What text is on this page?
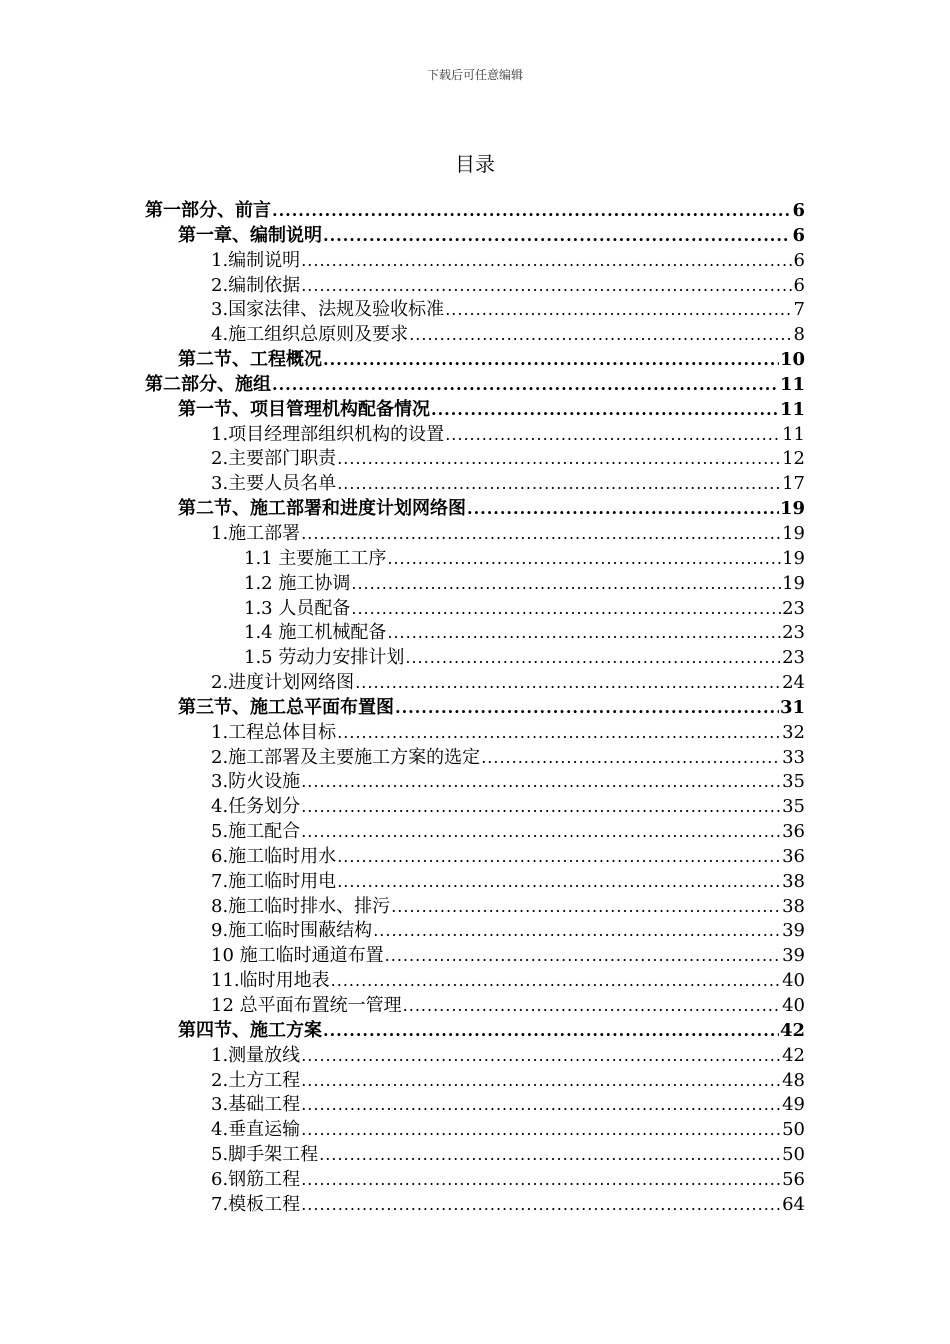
下载后可任意编辑
目录
第一部分、前言 .....	6
第一章、编制说明 .....	6
1.编制说明 .....	6
2.编制依据 .....	6
3.国家法律、法规及验收标准 .....	7
4.施工组织总原则及要求 .....	8
第二节、工程概况 .....	10
第二部分、施组 .....	11
第一节、项目管理机构配备情况 .....	11
1.项目经理部组织机构的设置 .....	11
2.主要部门职责 .....	12
3.主要人员名单 .....	17
第二节、施工部署和进度计划网络图 .....	19
1.施工部署 .....	19
1.1 主要施工工序 .....	19
1.2 施工协调 .....	19
1.3 人员配备 .....	23
1.4 施工机械配备 .....	23
1.5 劳动力安排计划 .....	23
2.进度计划网络图 .....	24
第三节、施工总平面布置图 .....	31
1.工程总体目标 .....	32
2.施工部署及主要施工方案的选定 .....	33
3.防火设施 .....	35
4.任务划分 .....	35
5.施工配合 .....	36
6.施工临时用水 .....	36
7.施工临时用电 .....	38
8.施工临时排水、排污 .....	38
9.施工临时围蔽结构 .....	39
10 施工临时通道布置 .....	39
11.临时用地表 .....	40
12 总平面布置统一管理 .....	40
第四节、施工方案 .....	42
1.测量放线 .....	42
2.土方工程 .....	48
3.基础工程 .....	49
4.垂直运输 .....	50
5.脚手架工程 .....	50
6.钢筋工程 .....	56
7.模板工程 .....	64
